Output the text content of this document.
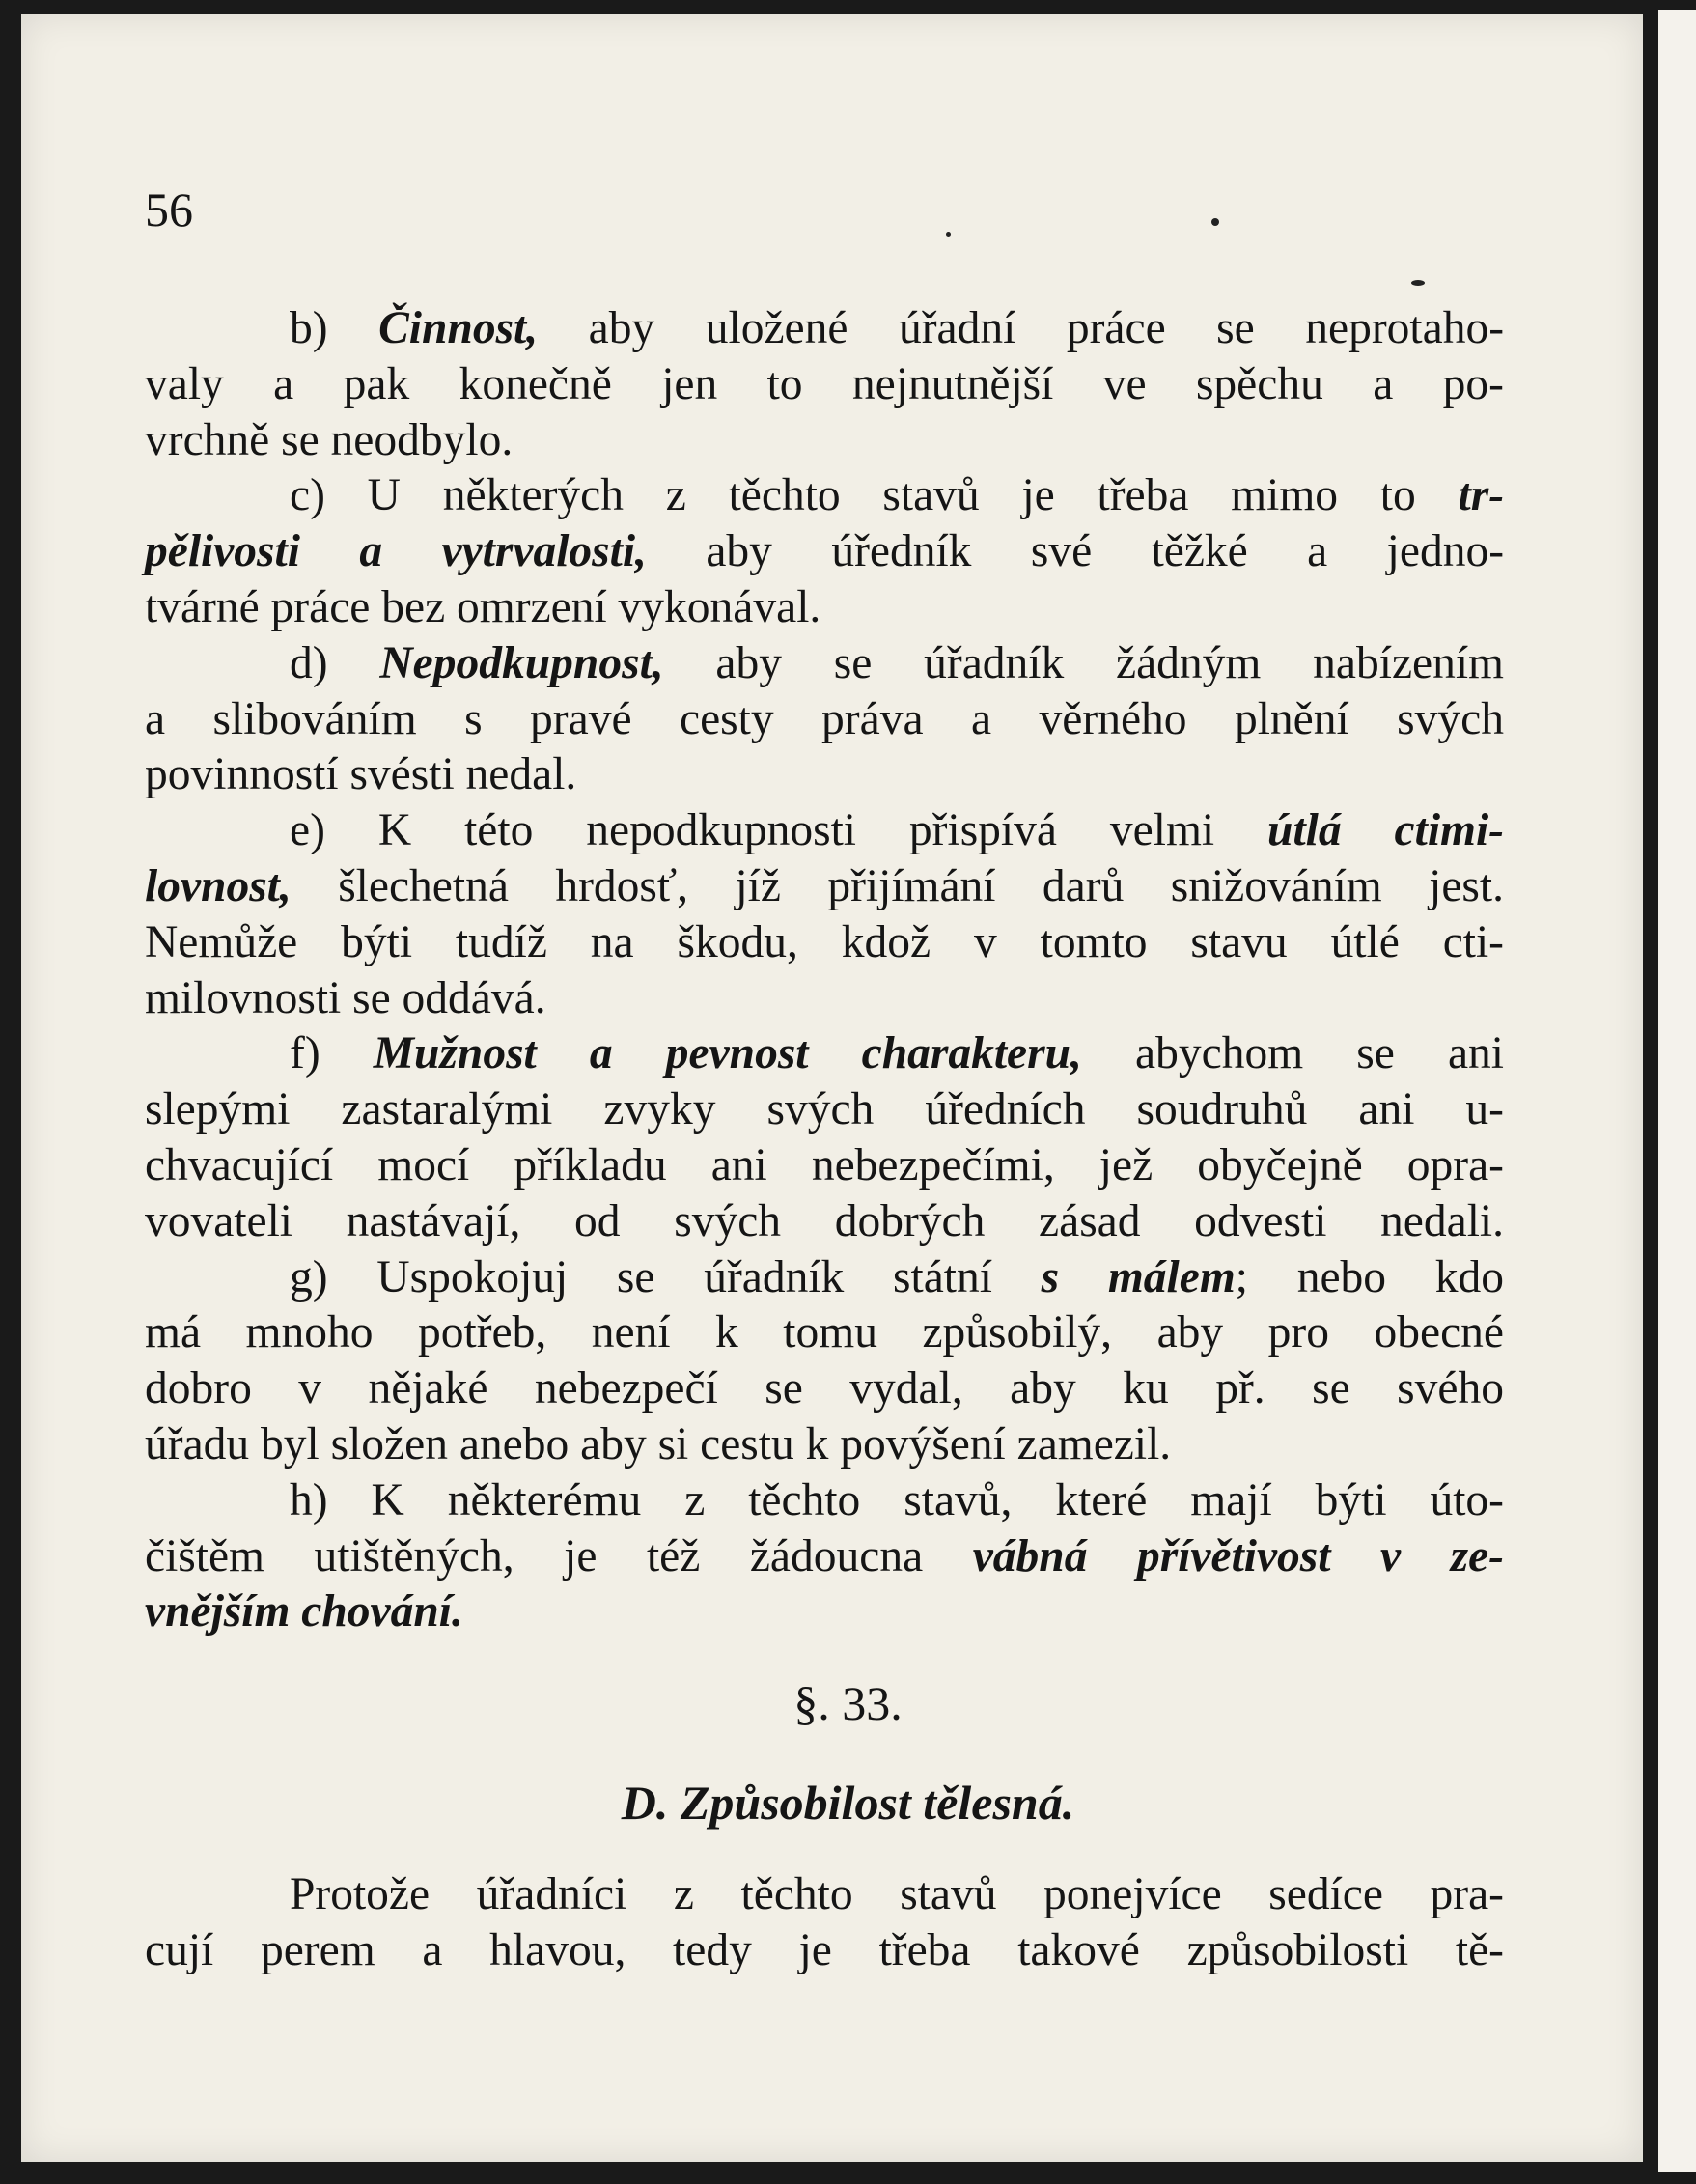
56
b) Činnost, aby uložené úřadní práce se neprotaho-
valy a pak konečně jen to nejnutnější ve spěchu a po-
vrchně se neodbylo.
c) U některých z těchto stavů je třeba mimo to tr-
pělivosti a vytrvalosti, aby úředník své těžké a jedno-
tvárné práce bez omrzení vykonával.
d) Nepodkupnost, aby se úřadník žádným nabízením
a slibováním s pravé cesty práva a věrného plnění svých
povinností svésti nedal.
e) K této nepodkupnosti přispívá velmi útlá ctimi-
lovnost, šlechetná hrdosť, jíž přijímání darů snižováním jest.
Nemůže býti tudíž na škodu, kdož v tomto stavu útlé cti-
milovnosti se oddává.
f) Mužnost a pevnost charakteru, abychom se ani
slepými zastaralými zvyky svých úředních soudruhů ani u-
chvacující mocí příkladu ani nebezpečími, jež obyčejně opra-
vovateli nastávají, od svých dobrých zásad odvesti nedali.
g) Uspokojuj se úřadník státní s málem; nebo kdo
má mnoho potřeb, není k tomu způsobilý, aby pro obecné
dobro v nějaké nebezpečí se vydal, aby ku př. se svého
úřadu byl složen anebo aby si cestu k povýšení zamezil.
h) K některému z těchto stavů, které mají býti úto-
čištěm utištěných, je též žádoucna vábná přívětivost v ze-
vnějším chování.
§. 33.
D. Způsobilost tělesná.
Protože úřadníci z těchto stavů ponejvíce sedíce pra-
cují perem a hlavou, tedy je třeba takové způsobilosti tě-
